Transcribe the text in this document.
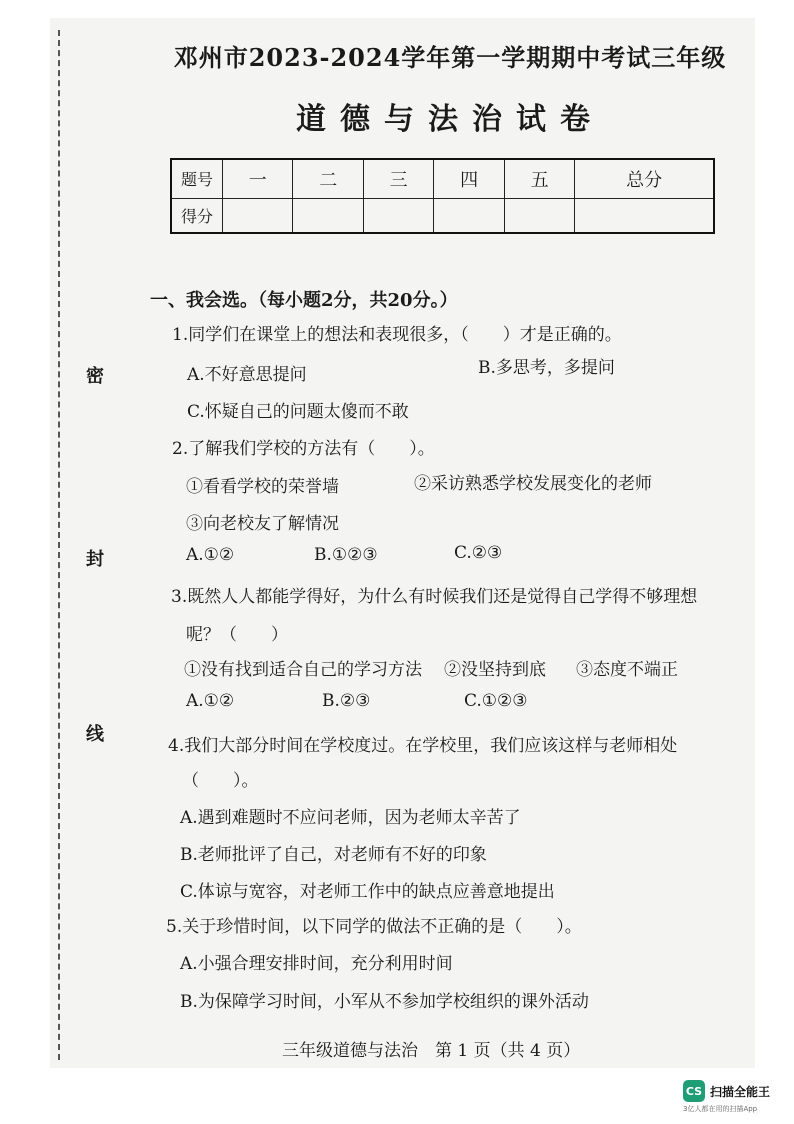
密
封
线
邓州市2023-2024学年第一学期期中考试三年级
道德与法治试卷
题号	一	二	三	四	五	总分
得分						
一、我会选。（每小题2分，共20分。）
1.同学们在课堂上的想法和表现很多，（　　）才是正确的。
A.不好意思提问	B.多思考，多提问
C.怀疑自己的问题太傻而不敢
2.了解我们学校的方法有（　　）。
①看看学校的荣誉墙	②采访熟悉学校发展变化的老师
③向老校友了解情况
A.①②	B.①②③	C.②③
3.既然人人都能学得好，为什么有时候我们还是觉得自己学得不够理想
呢？（　　）
①没有找到适合自己的学习方法 ②没坚持到底 ③态度不端正
A.①②	B.②③	C.①②③
4.我们大部分时间在学校度过。在学校里，我们应该这样与老师相处
（　　）。
A.遇到难题时不应问老师，因为老师太辛苦了
B.老师批评了自己，对老师有不好的印象
C.体谅与宽容，对老师工作中的缺点应善意地提出
5.关于珍惜时间，以下同学的做法不正确的是（　　）。
A.小强合理安排时间，充分利用时间
B.为保障学习时间，小军从不参加学校组织的课外活动
三年级道德与法治　第 1 页（共 4 页）
CS 扫描全能王
3亿人都在用的扫描App
